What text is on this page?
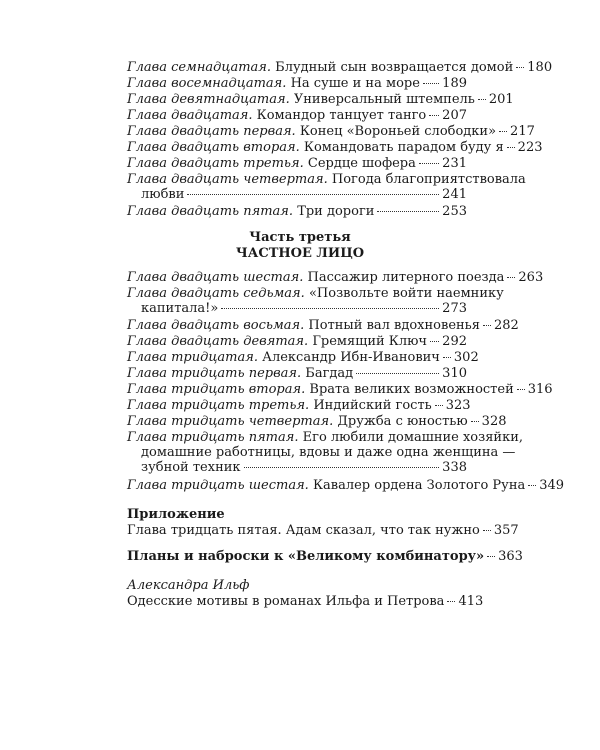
Глава семнадцатая. Блудный сын возвращается домой 180
Глава восемнадцатая. На суше и на море 189
Глава девятнадцатая. Универсальный штемпель 201
Глава двадцатая. Командор танцует танго 207
Глава двадцать первая. Конец «Вороньей слободки» 217
Глава двадцать вторая. Командовать парадом буду я 223
Глава двадцать третья. Сердце шофера 231
Глава двадцать четвертая. Погода благоприятствовала
любви	241
Глава двадцать пятая. Три дороги	253
Часть третья
ЧАСТНОЕ ЛИЦО
Глава двадцать шестая. Пассажир литерного поезда 263
Глава двадцать седьмая. «Позвольте войти наемнику
капитала!»	273
Глава двадцать восьмая. Потный вал вдохновенья 282
Глава двадцать девятая. Гремящий Ключ 292
Глава тридцатая. Александр Ибн-Иванович 302
Глава тридцать первая. Багдад	310
Глава тридцать вторая. Врата великих возможностей 316
Глава тридцать третья. Индийский гость 323
Глава тридцать четвертая. Дружба с юностью 328
Глава тридцать пятая. Его любили домашние хозяйки,
домашние работницы, вдовы и даже одна женщина —
зубной техник	338
Глава тридцать шестая. Кавалер ордена Золотого Руна 349
Приложение
Глава тридцать пятая. Адам сказал, что так нужно 357
Планы и наброски к «Великому комбинатору» 363
Александра Ильф
Одесские мотивы в романах Ильфа и Петрова 413
